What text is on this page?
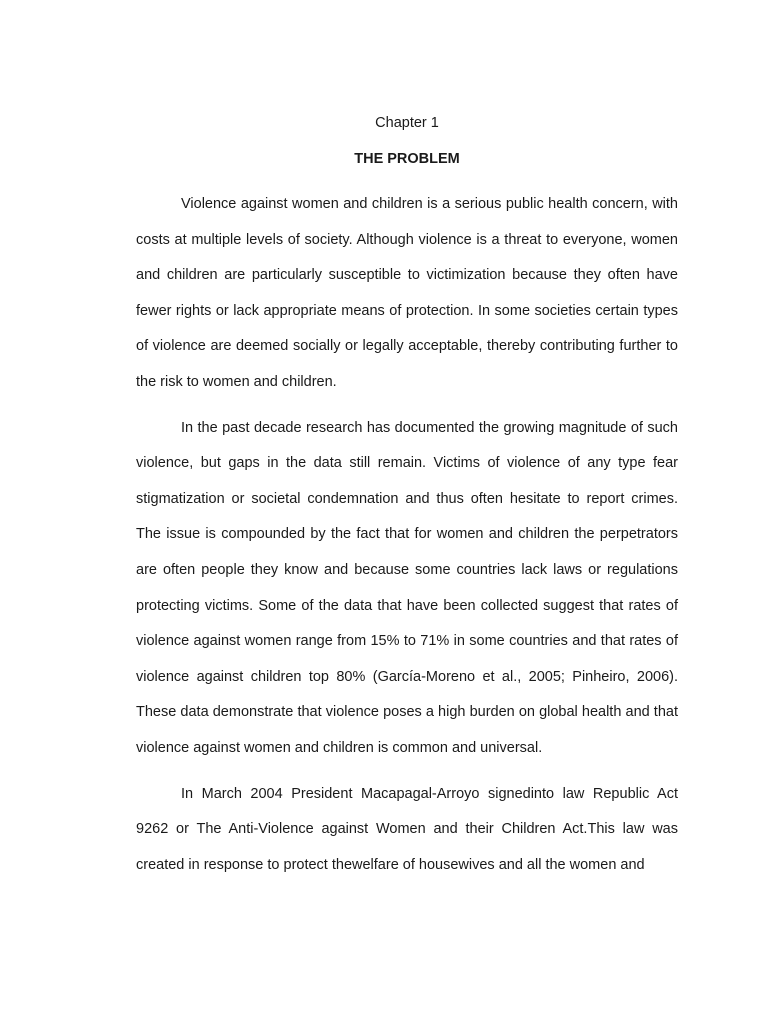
Chapter 1
THE PROBLEM

Violence against women and children is a serious public health concern, with costs at multiple levels of society. Although violence is a threat to everyone, women and children are particularly susceptible to victimization because they often have fewer rights or lack appropriate means of protection. In some societies certain types of violence are deemed socially or legally acceptable, thereby contributing further to the risk to women and children.

In the past decade research has documented the growing magnitude of such violence, but gaps in the data still remain. Victims of violence of any type fear stigmatization or societal condemnation and thus often hesitate to report crimes. The issue is compounded by the fact that for women and children the perpetrators are often people they know and because some countries lack laws or regulations protecting victims. Some of the data that have been collected suggest that rates of violence against women range from 15% to 71% in some countries and that rates of violence against children top 80% (García-Moreno et al., 2005; Pinheiro, 2006). These data demonstrate that violence poses a high burden on global health and that violence against women and children is common and universal.

In March 2004 President Macapagal-Arroyo signedinto law Republic Act 9262 or The Anti-Violence against Women and their Children Act.This law was created in response to protect thewelfare of housewives and all the women and
